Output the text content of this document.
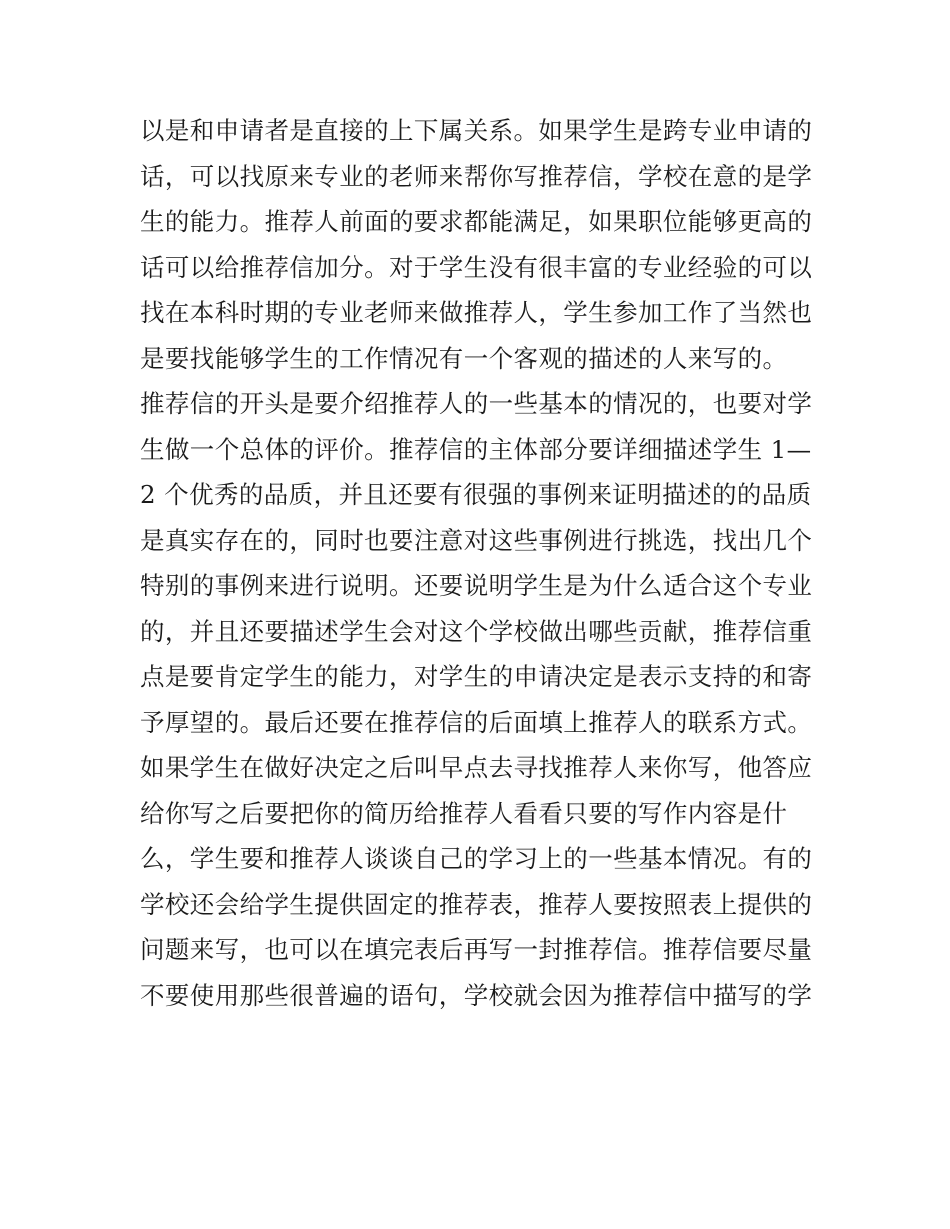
以是和申请者是直接的上下属关系。如果学生是跨专业申请的

话，可以找原来专业的老师来帮你写推荐信，学校在意的是学

生的能力。推荐人前面的要求都能满足，如果职位能够更高的

话可以给推荐信加分。对于学生没有很丰富的专业经验的可以

找在本科时期的专业老师来做推荐人，学生参加工作了当然也

是要找能够学生的工作情况有一个客观的描述的人来写的。

推荐信的开头是要介绍推荐人的一些基本的情况的，也要对学

生做一个总体的评价。推荐信的主体部分要详细描述学生 1—

2 个优秀的品质，并且还要有很强的事例来证明描述的的品质

是真实存在的，同时也要注意对这些事例进行挑选，找出几个

特别的事例来进行说明。还要说明学生是为什么适合这个专业

的，并且还要描述学生会对这个学校做出哪些贡献，推荐信重

点是要肯定学生的能力，对学生的申请决定是表示支持的和寄

予厚望的。最后还要在推荐信的后面填上推荐人的联系方式。

如果学生在做好决定之后叫早点去寻找推荐人来你写，他答应

给你写之后要把你的简历给推荐人看看只要的写作内容是什

么，学生要和推荐人谈谈自己的学习上的一些基本情况。有的

学校还会给学生提供固定的推荐表，推荐人要按照表上提供的

问题来写，也可以在填完表后再写一封推荐信。推荐信要尽量

不要使用那些很普遍的语句，学校就会因为推荐信中描写的学
